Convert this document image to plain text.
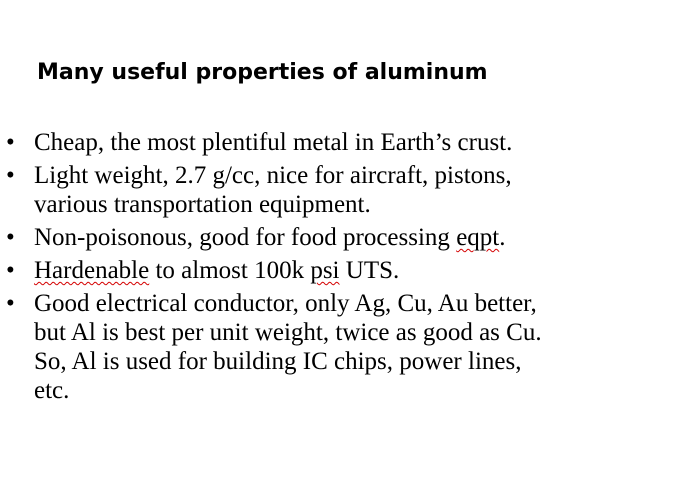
Many useful properties of aluminum
• Cheap, the most plentiful metal in Earth’s crust.
• Light weight, 2.7 g/cc, nice for aircraft, pistons,
various transportation equipment.
• Non-poisonous, good for food processing eqpt.
• Hardenable to almost 100k psi UTS.
• Good electrical conductor, only Ag, Cu, Au better,
but Al is best per unit weight, twice as good as Cu.
So, Al is used for building IC chips, power lines,
etc.
